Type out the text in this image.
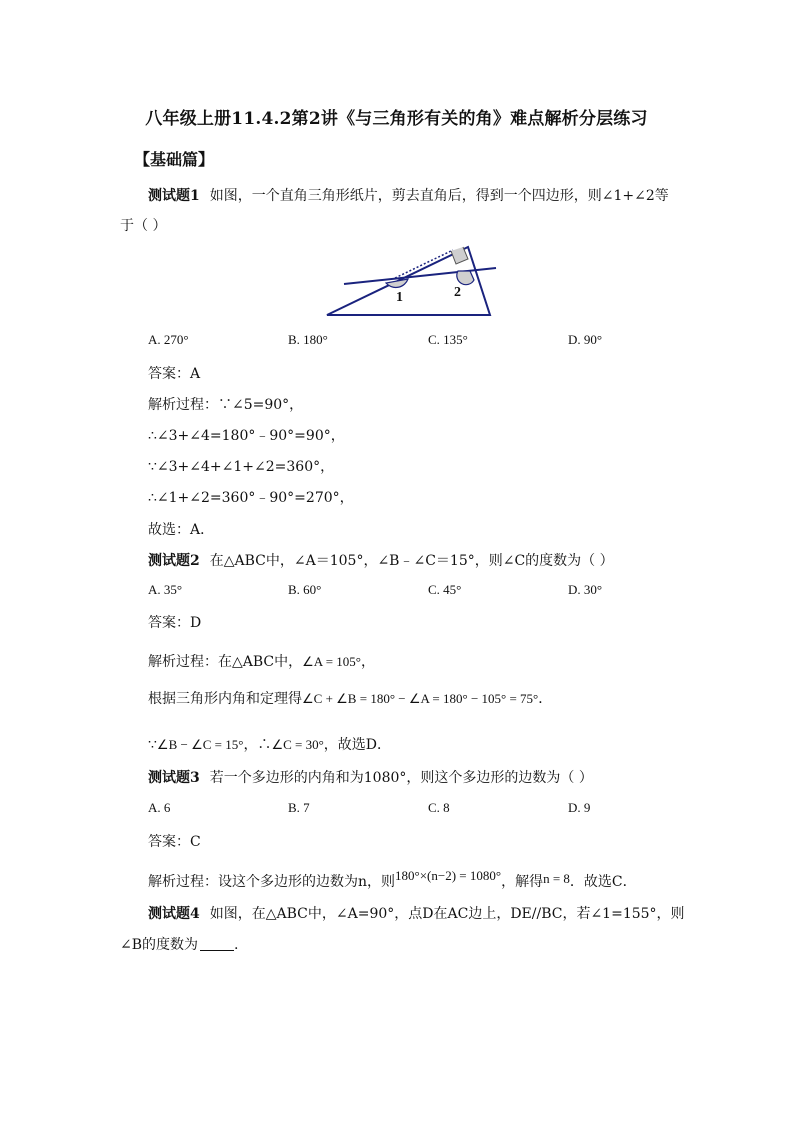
八年级上册11.4.2第2讲《与三角形有关的角》难点解析分层练习
【基础篇】
测试题1 如图，一个直角三角形纸片，剪去直角后，得到一个四边形，则∠1+∠2等
于（ ）
1	2
A. 270°	B. 180°	C. 135°	D. 90°
答案：A
解析过程：∵∠5=90°，
∴∠3+∠4=180°﹣90°=90°，
∵∠3+∠4+∠1+∠2=360°，
∴∠1+∠2=360°﹣90°=270°，
故选：A．
测试题2 在△ABC中，∠A＝105°，∠B﹣∠C＝15°，则∠C的度数为（ ）
A. 35°	B. 60°	C. 45°	D. 30°
答案：D
解析过程：在△ABC中，∠A = 105°，
根据三角形内角和定理得∠C + ∠B = 180° − ∠A = 180° − 105° = 75°．
∵∠B − ∠C = 15°，∴∠C = 30°，故选D．
测试题3 若一个多边形的内角和为1080°，则这个多边形的边数为（ ）
A. 6	B. 7	C. 8	D. 9
答案：C
解析过程：设这个多边形的边数为n，则180°×(n−2) = 1080°，解得n = 8．故选C．
测试题4 如图，在△ABC中，∠A=90°，点D在AC边上，DE//BC，若∠1=155°，则
∠B的度数为	.
